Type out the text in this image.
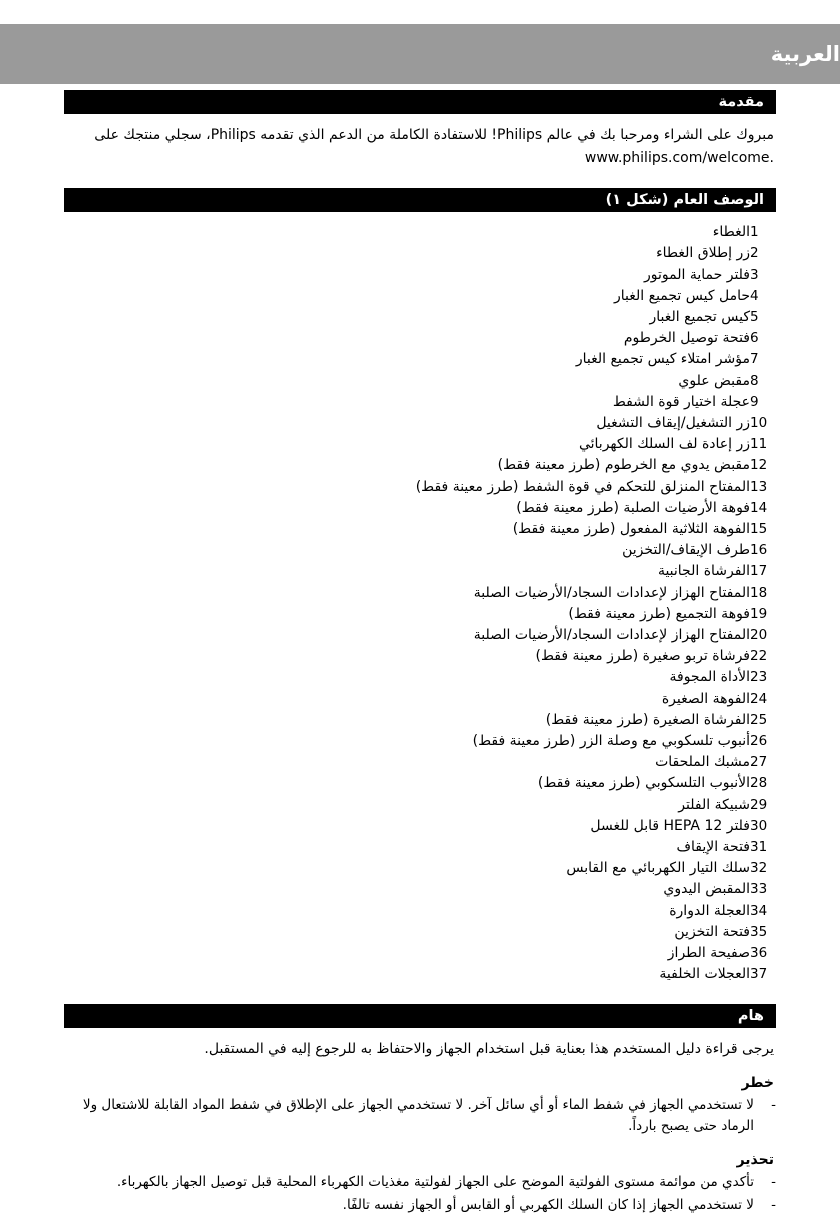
العربية
مقدمة
مبروك على الشراء ومرحبا بك في عالم Philips! للاستفادة الكاملة من الدعم الذي تقدمه Philips، سجلي منتجك على www.philips.com/welcome.
الوصف العام (شكل ١)
1
الغطاء
2
زر إطلاق الغطاء
3
فلتر حماية الموتور
4
حامل كيس تجميع الغبار
5
كيس تجميع الغبار
6
فتحة توصيل الخرطوم
7
مؤشر امتلاء كيس تجميع الغبار
8
مقبض علوي
9
عجلة اختيار قوة الشفط
10
زر التشغيل/إيقاف التشغيل
11
زر إعادة لف السلك الكهربائي
12
مقبض يدوي مع الخرطوم (طرز معينة فقط)
13
المفتاح المنزلق للتحكم في قوة الشفط (طرز معينة فقط)
14
فوهة الأرضيات الصلبة (طرز معينة فقط)
15
الفوهة الثلاثية المفعول (طرز معينة فقط)
16
طرف الإيقاف/التخزين
17
الفرشاة الجانبية
18
المفتاح الهزاز لإعدادات السجاد/الأرضيات الصلبة
19
فوهة التجميع (طرز معينة فقط)
20
المفتاح الهزاز لإعدادات السجاد/الأرضيات الصلبة
22
فرشاة تربو صغيرة (طرز معينة فقط)
23
الأداة المجوفة
24
الفوهة الصغيرة
25
الفرشاة الصغيرة (طرز معينة فقط)
26
أنبوب تلسكوبي مع وصلة الزر (طرز معينة فقط)
27
مشبك الملحقات
28
الأنبوب التلسكوبي (طرز معينة فقط)
29
شبيكة الفلتر
30
فلتر HEPA 12 قابل للغسل
31
فتحة الإيقاف
32
سلك التيار الكهربائي مع القابس
33
المقبض اليدوي
34
العجلة الدوارة
35
فتحة التخزين
36
صفيحة الطراز
37
العجلات الخلفية
هام
يرجى قراءة دليل المستخدم هذا بعناية قبل استخدام الجهاز والاحتفاظ به للرجوع إليه في المستقبل.
خطر
-
لا تستخدمي الجهاز في شفط الماء أو أي سائل آخر. لا تستخدمي الجهاز على الإطلاق في شفط المواد القابلة للاشتعال ولا الرماد حتى يصبح بارداً.
تحذير
-
تأكدي من موائمة مستوى الفولتية الموضح على الجهاز لفولتية مغذيات الكهرباء المحلية قبل توصيل الجهاز بالكهرباء.
-
لا تستخدمي الجهاز إذا كان السلك الكهربي أو القابس أو الجهاز نفسه تالفًا.
